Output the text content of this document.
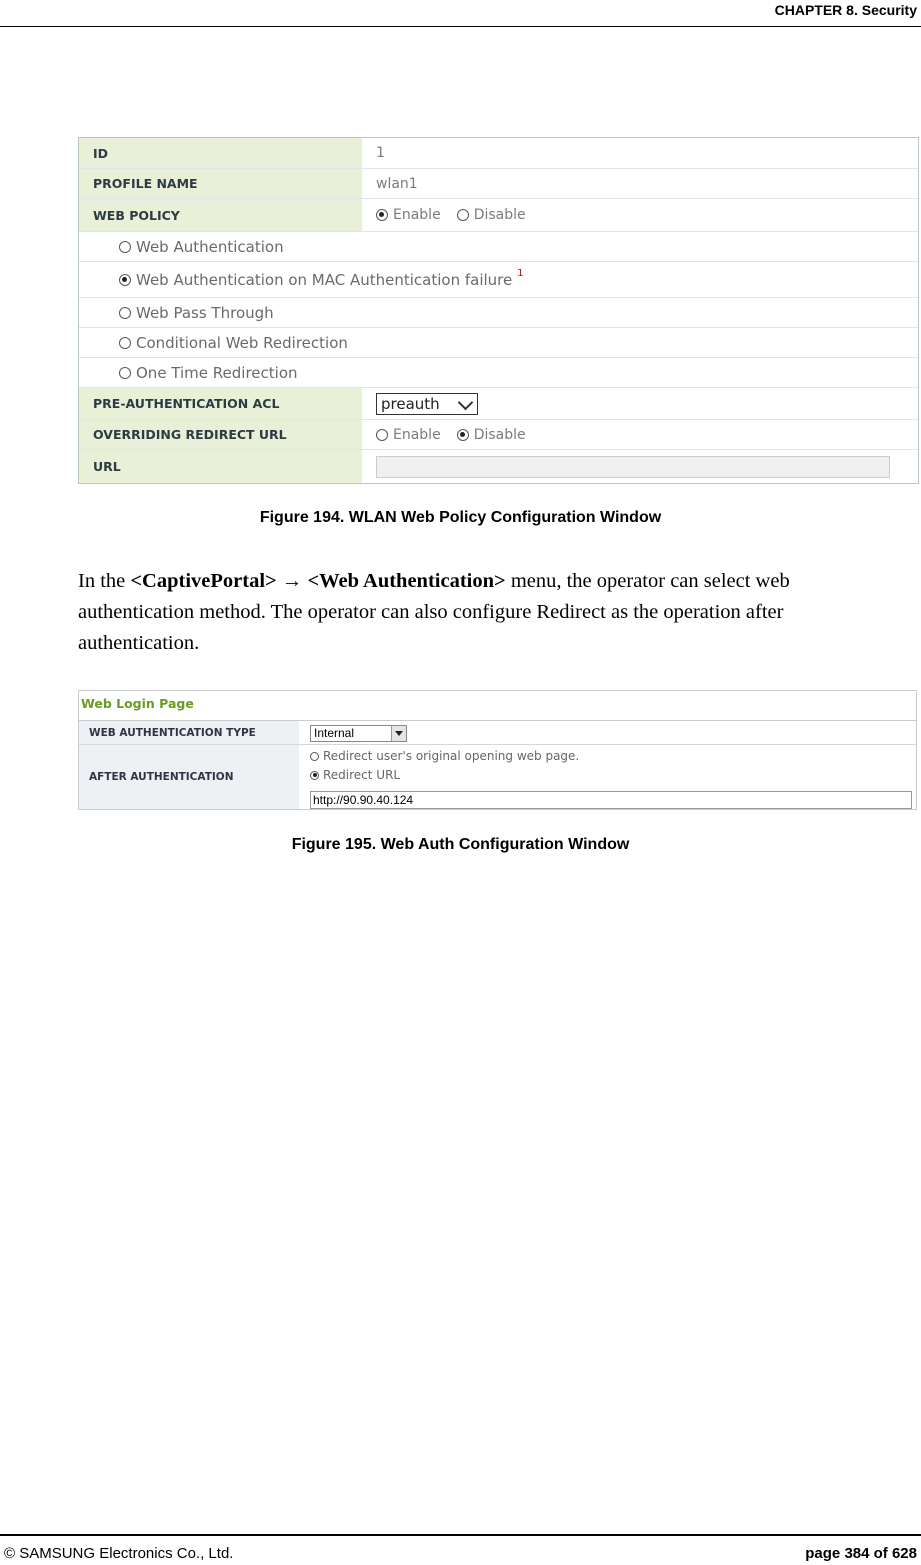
CHAPTER 8. Security
ID	1
PROFILE NAME	wlan1
WEB POLICY	Enable Disable
Web Authentication
Web Authentication on MAC Authentication failure 1
Web Pass Through
Conditional Web Redirection
One Time Redirection
PRE-AUTHENTICATION ACL	preauth
OVERRIDING REDIRECT URL	Enable Disable
URL
Figure 194. WLAN Web Policy Configuration Window
In the <CaptivePortal> → <Web Authentication> menu, the operator can select web authentication method. The operator can also configure Redirect as the operation after authentication.
Web Login Page
WEB AUTHENTICATION TYPE	Internal
AFTER AUTHENTICATION
Redirect user's original opening web page.
Redirect URL
http://90.90.40.124
Figure 195. Web Auth Configuration Window
© SAMSUNG Electronics Co., Ltd.	page 384 of 628
